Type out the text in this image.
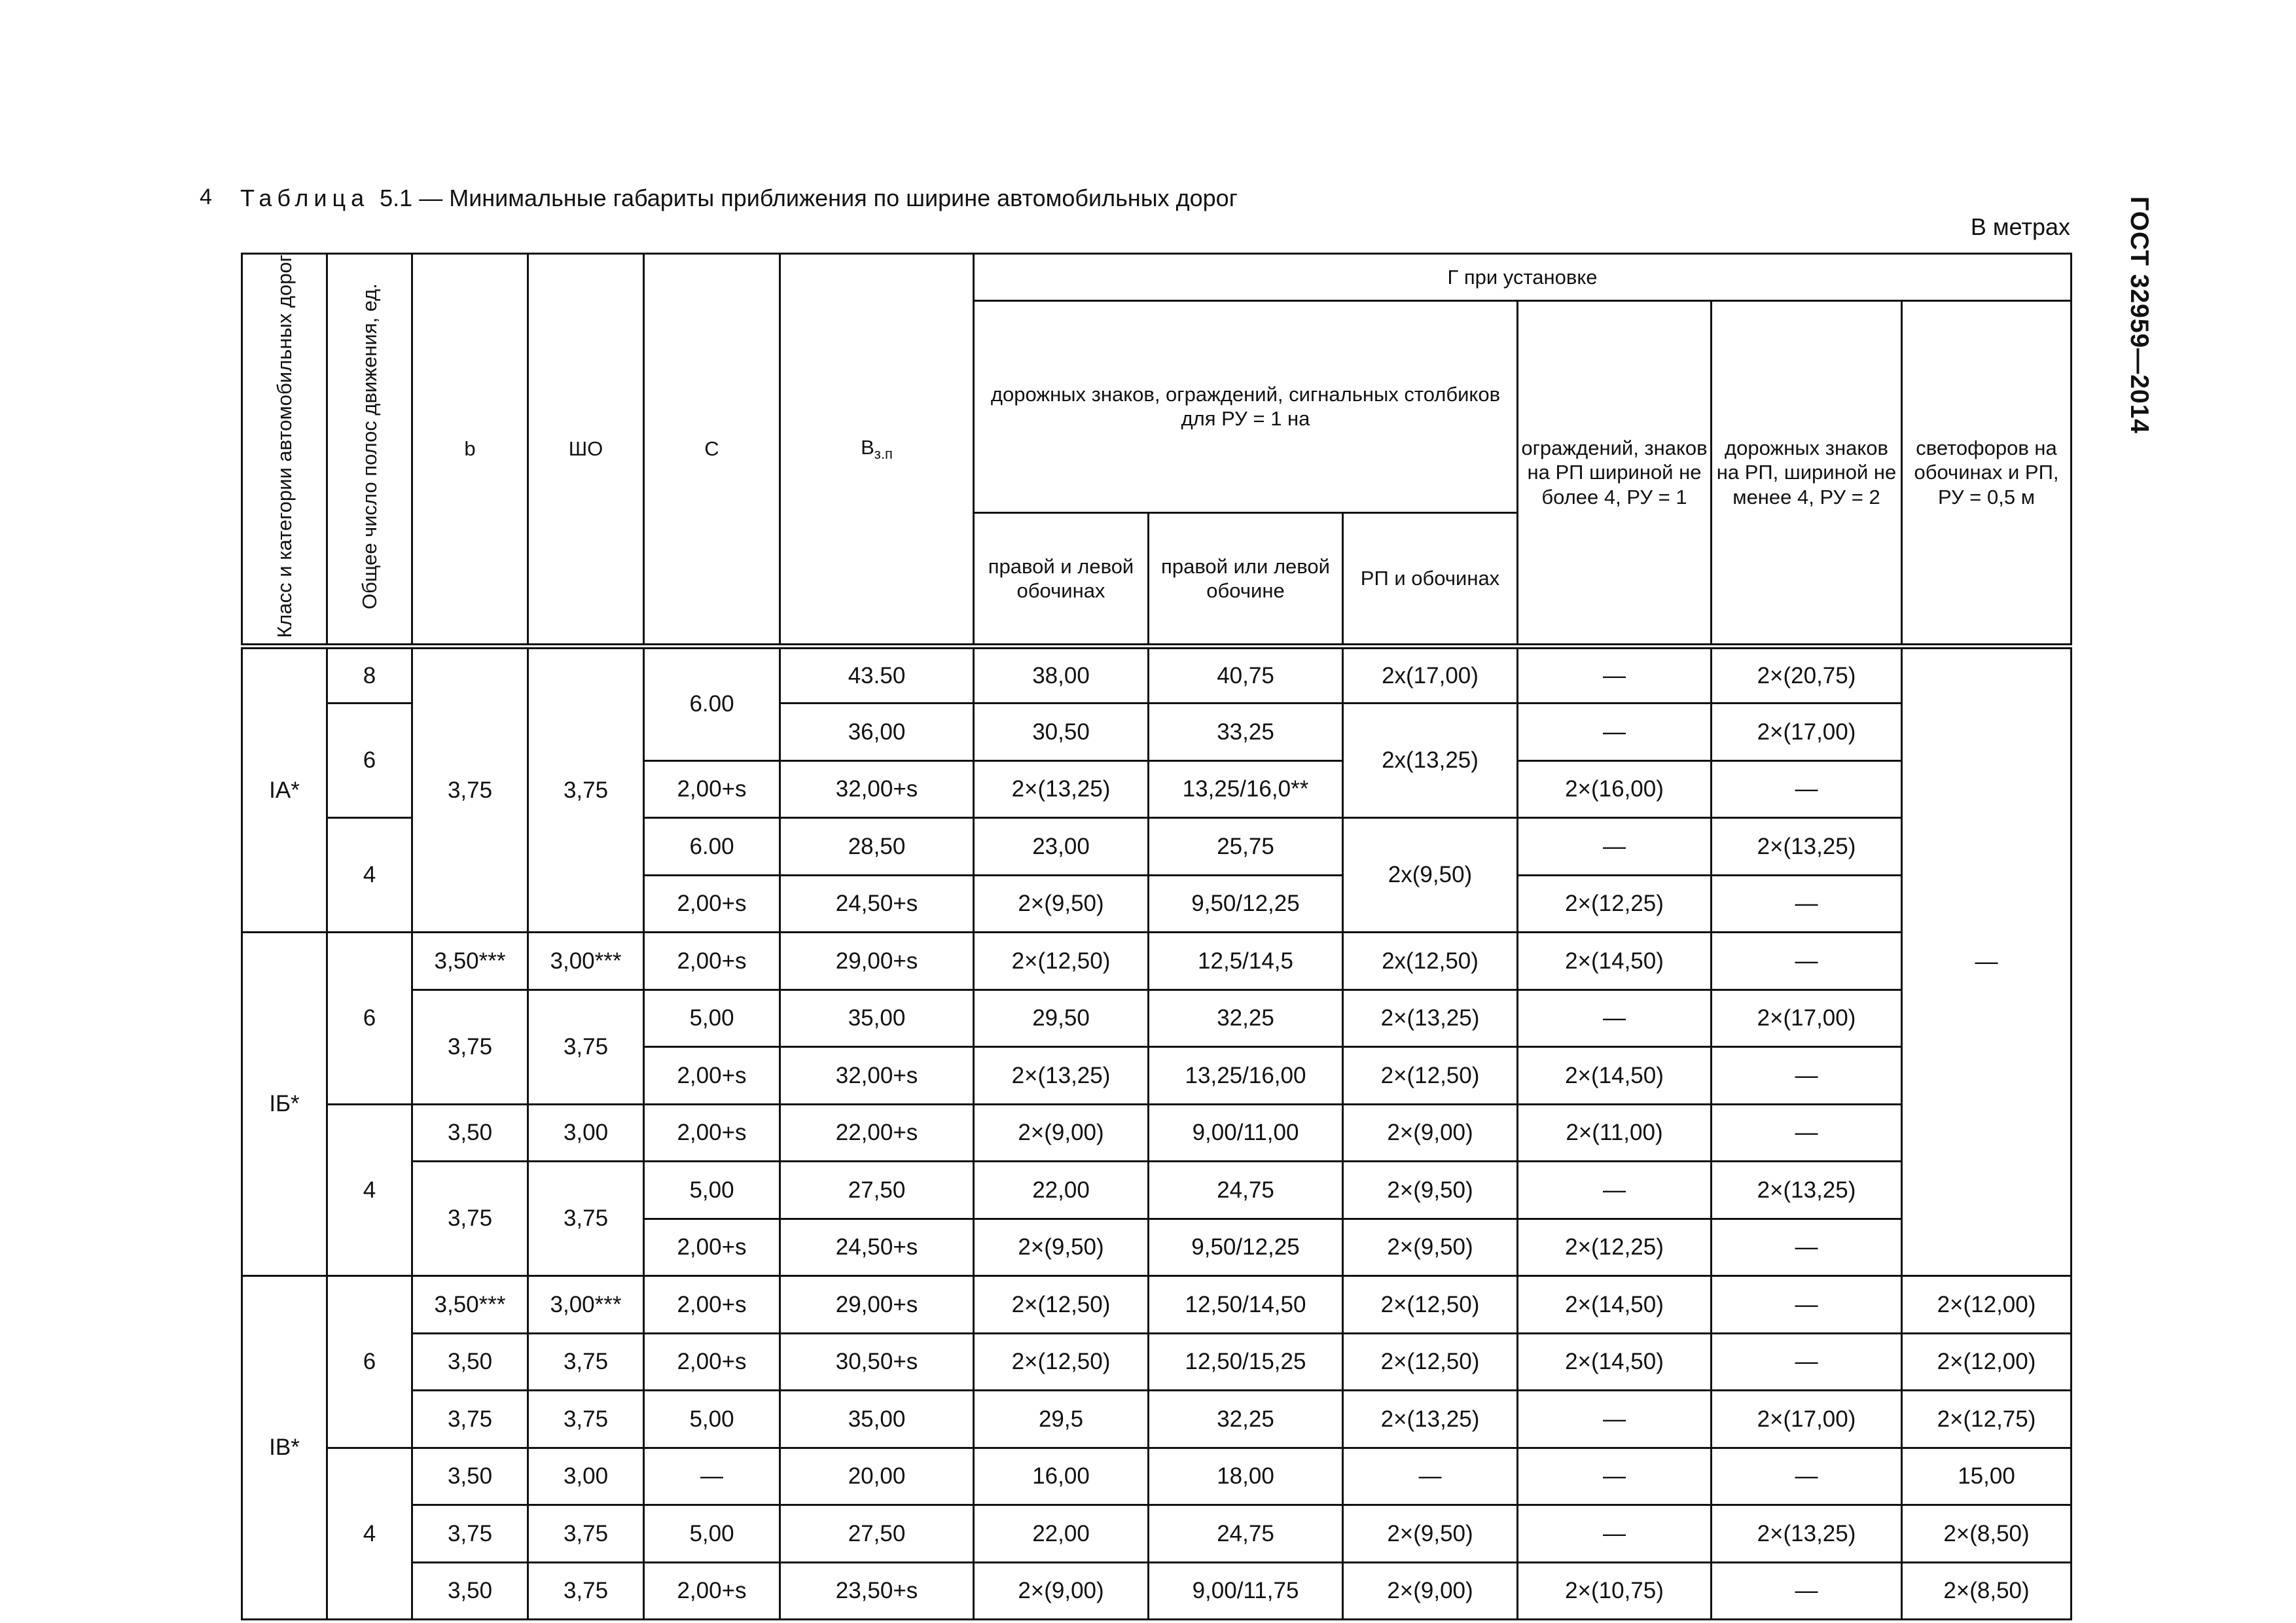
4 Таблица 5.1 — Минимальные габариты приближения по ширине автомобильных дорог
В метрах ГОСТ 32959—2014
Класс и категории автомобильных дорог	Общее число полос движения, ед.	b	ШО	С	$В_{з.п}$	Г при установке					
						дорожных знаков, ограждений, сигнальных столбиков для РУ = 1 на			ограждений, знаков на РП шириной не более 4, РУ = 1	дорожных знаков на РП, шириной не менее 4, РУ = 2	светофоров на обочинах и РП, РУ = 0,5 м
						правой и левой обочинах	правой или левой обочине	РП и обочинах			
IA*	8	3,75	3,75	6.00	43.50	38,00	40,75	2x(17,00)	—	2×(20,75)	—
	6				36,00	30,50	33,25	2x(13,25)	—	2×(17,00)	
				2,00+s	32,00+s	2×(13,25)	13,25/16,0**		2×(16,00)	—	
	4			6.00	28,50	23,00	25,75	2x(9,50)	—	2×(13,25)	
				2,00+s	24,50+s	2×(9,50)	9,50/12,25		2×(12,25)	—	
IБ*	6	3,50***	3,00***	2,00+s	29,00+s	2×(12,50)	12,5/14,5	2x(12,50)	2×(14,50)	—	
		3,75	3,75	5,00	35,00	29,50	32,25	2×(13,25)	—	2×(17,00)	
				2,00+s	32,00+s	2×(13,25)	13,25/16,00	2×(12,50)	2×(14,50)	—	
	4	3,50	3,00	2,00+s	22,00+s	2×(9,00)	9,00/11,00	2×(9,00)	2×(11,00)	—	
		3,75	3,75	5,00	27,50	22,00	24,75	2×(9,50)	—	2×(13,25)	
				2,00+s	24,50+s	2×(9,50)	9,50/12,25	2×(9,50)	2×(12,25)	—	
IB*	6	3,50***	3,00***	2,00+s	29,00+s	2×(12,50)	12,50/14,50	2×(12,50)	2×(14,50)	—	2×(12,00)
		3,50	3,75	2,00+s	30,50+s	2×(12,50)	12,50/15,25	2×(12,50)	2×(14,50)	—	2×(12,00)
		3,75	3,75	5,00	35,00	29,5	32,25	2×(13,25)	—	2×(17,00)	2×(12,75)
	4	3,50	3,00	—	20,00	16,00	18,00	—	—	—	15,00
		3,75	3,75	5,00	27,50	22,00	24,75	2×(9,50)	—	2×(13,25)	2×(8,50)
		3,50	3,75	2,00+s	23,50+s	2×(9,00)	9,00/11,75	2×(9,00)	2×(10,75)	—	2×(8,50)
